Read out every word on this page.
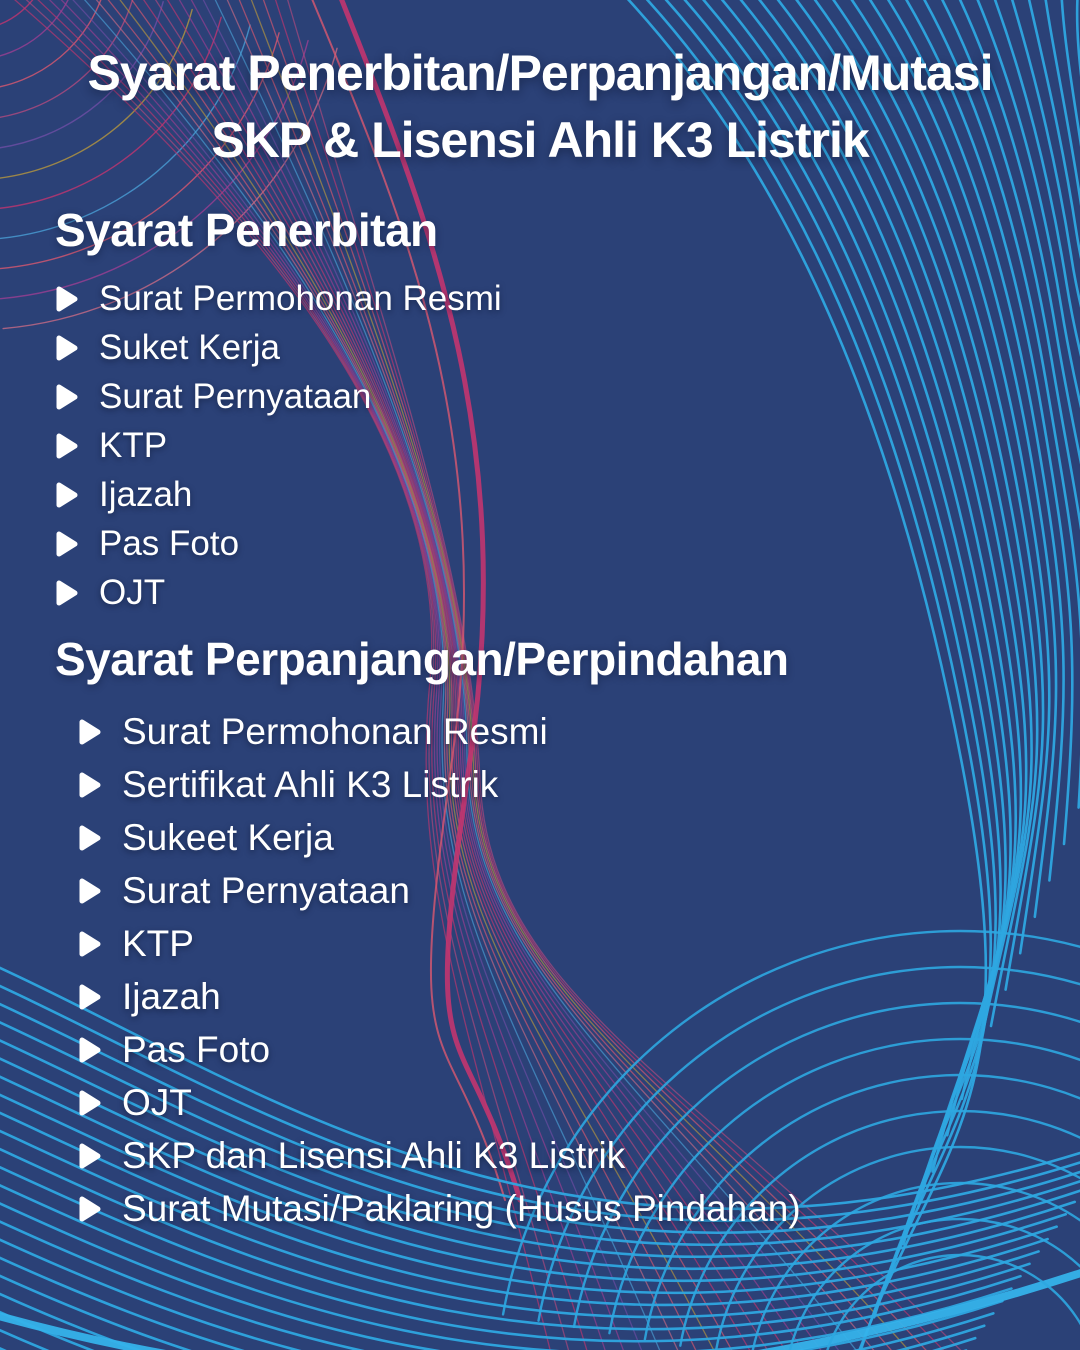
Syarat Penerbitan/Perpanjangan/Mutasi
SKP & Lisensi Ahli K3 Listrik
Syarat Penerbitan
Surat Permohonan Resmi
Suket Kerja
Surat Pernyataan
KTP
Ijazah
Pas Foto
OJT
Syarat Perpanjangan/Perpindahan
Surat Permohonan Resmi
Sertifikat Ahli K3 Listrik
Sukeet Kerja
Surat Pernyataan
KTP
Ijazah
Pas Foto
OJT
SKP dan Lisensi Ahli K3 Listrik
Surat Mutasi/Paklaring (Husus Pindahan)
